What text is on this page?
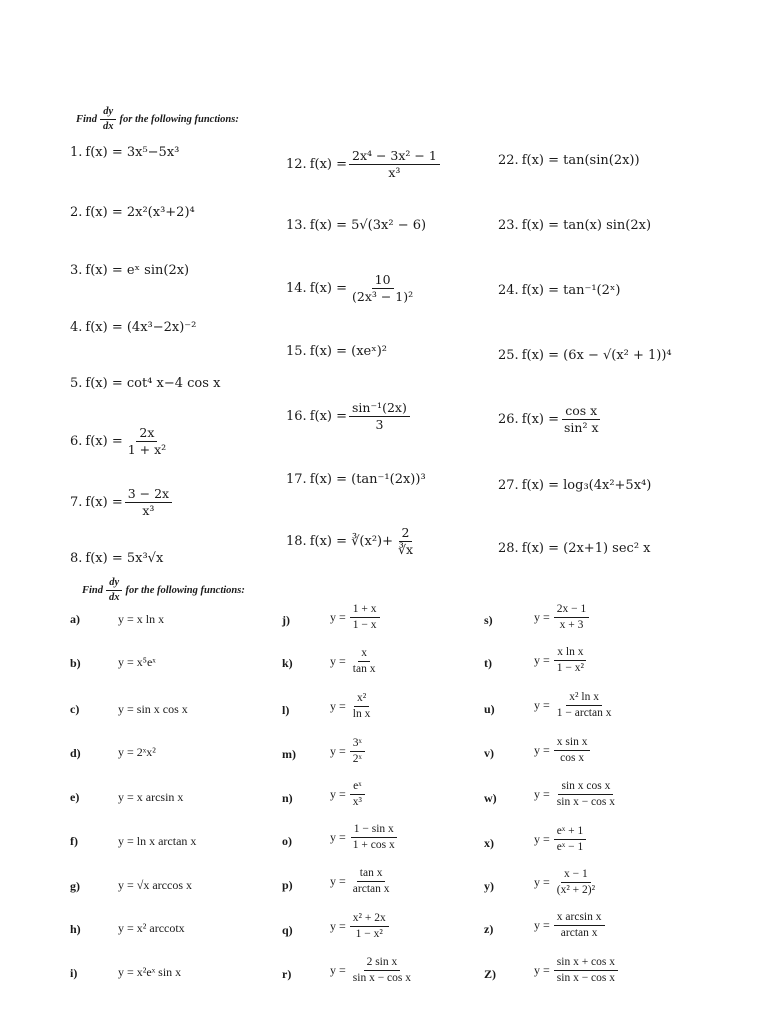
Find $\frac{dy}{dx}$ for the following functions:
1. f(x) = 3x⁵−5x³
2. f(x) = 2x²(x³+2)⁴
3. f(x) = eˣ sin(2x)
4. f(x) = (4x³−2x)⁻²
5. f(x) = cot⁴ x−4 cos x
6. $f(x) = \frac{2x}{\text{1 + x²}}$
7. $f(x) = \frac{3 - 2x}{\text{x³}}$
8. f(x) = 5x³√x
12. $f(x) = \frac{\text{2x⁴ − 3x² − 1}}{\text{x³}}$
13. f(x) = 5√(3x² − 6)
14. $f(x) = \frac{10}{\text{(2x³ − 1)²}}$
15. f(x) = (xeˣ)²
16. $f(x) = \frac{\text{sin⁻¹(2x)}}{3}$
17. f(x) = (tan⁻¹(2x))³
18. f(x) = ∛(x²)+ $\frac{2}{∛x}$
22. f(x) = tan(sin(2x))
23. f(x) = tan(x) sin(2x)
24. f(x) = tan⁻¹(2ˣ)
25. f(x) = (6x − √(x² + 1))⁴
26. $f(x) = \frac{\text{cos x}}{\text{sin² x}}$
27. f(x) = log₃(4x²+5x⁴)
28. f(x) = (2x+1) sec² x
Find $\frac{dy}{dx}$ for the following functions:
a)	y = x ln x
b)	y = x⁵eˣ
c)	y = sin x cos x
d)	y = 2ˣx²
e)	y = x arcsin x
f)	y = ln x arctan x
g)	y = √x arccos x
h)	y = x² arccotx
i)	y = x²eˣ sin x
j)	$y = \frac{1 + x}{1 - x}$
k)	$y = \frac{x}{\text{tan x}}$
l)	$y = \frac{\text{x²}}{\text{ln x}}$
m)	$y = \frac{\text{3ˣ}}{\text{2ˣ}}$
n)	$y = \frac{\text{eˣ}}{\text{x³}}$
o)	$y = \frac{\text{1 − sin x}}{\text{1 + cos x}}$
p)	$y = \frac{\text{tan x}}{\text{arctan x}}$
q)	$y = \frac{\text{x² + 2x}}{\text{1 − x²}}$
r)	$y = \frac{\text{2 sin x}}{\text{sin x − cos x}}$
s)	$y = \frac{2x - 1}{x + 3}$
t)	$y = \frac{\text{x ln x}}{\text{1 − x²}}$
u)	$y = \frac{\text{x² ln x}}{\text{1 − arctan x}}$
v)	$y = \frac{\text{x sin x}}{\text{cos x}}$
w)	$y = \frac{\text{sin x cos x}}{\text{sin x − cos x}}$
x)	$y = \frac{\text{eˣ + 1}}{\text{eˣ − 1}}$
y)	$y = \frac{x - 1}{\text{(x² + 2)²}}$
z)	$y = \frac{\text{x arcsin x}}{\text{arctan x}}$
Z)	$y = \frac{\text{sin x + cos x}}{\text{sin x − cos x}}$
